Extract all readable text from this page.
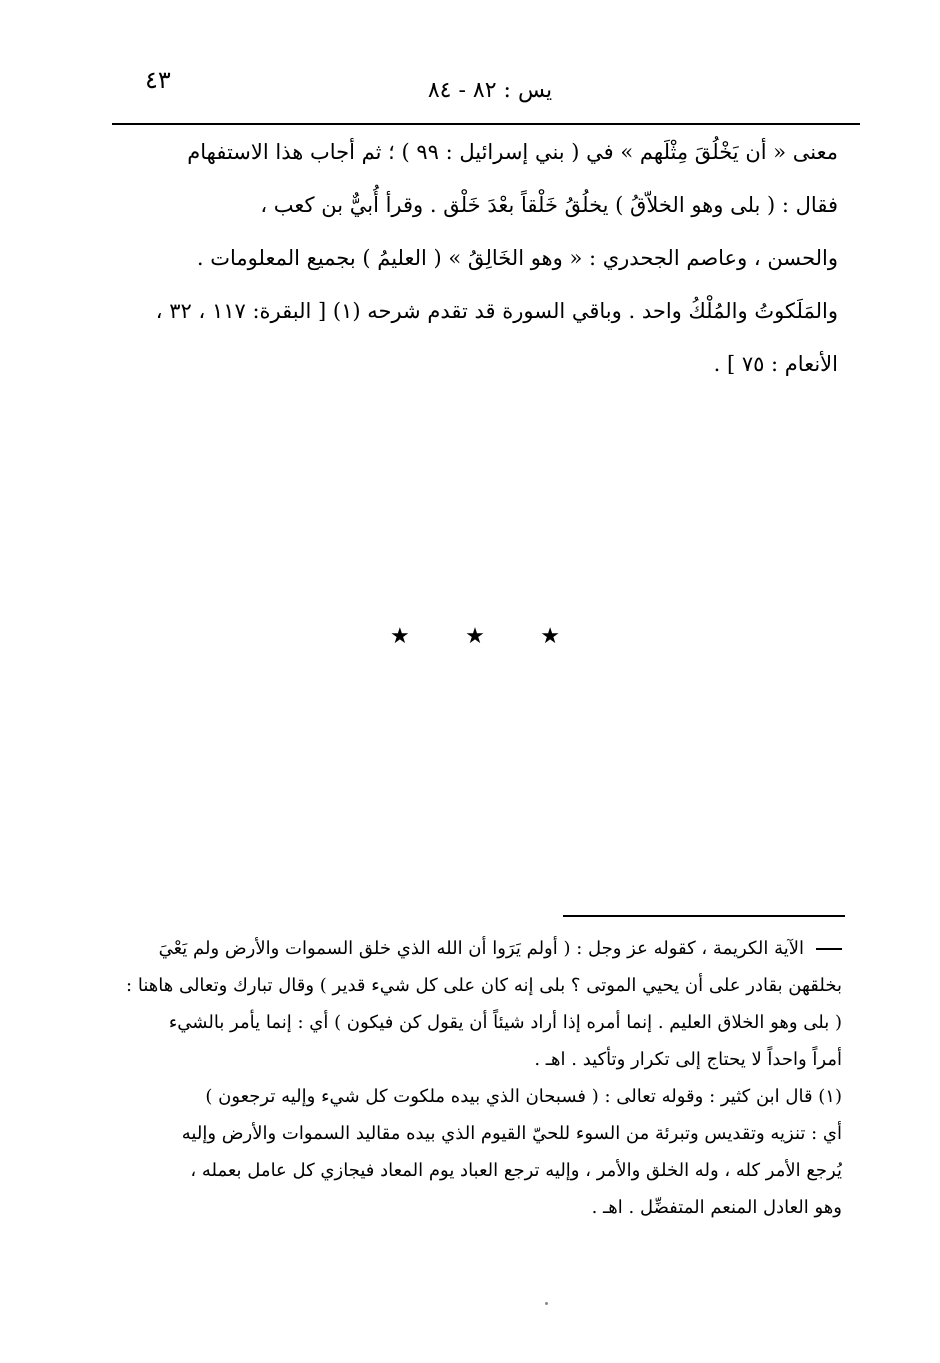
٤٣	يس : ٨٢ - ٨٤
معنى « أن يَخْلُقَ مِثْلَهم » في ( بني إسرائيل : ٩٩ ) ؛ ثم أجاب هذا الاستفهام
فقال : ( بلى وهو الخلاّقُ ) يخلُقُ خَلْقاً بعْدَ خَلْق . وقرأ أُبيٌّ بن كعب ،
والحسن ، وعاصم الجحدري : « وهو الخَالِقُ » ( العليمُ ) بجميع المعلومات .
والمَلَكوتُ والمُلْكُ واحد . وباقي السورة قد تقدم شرحه (١) [ البقرة: ١١٧ ، ٣٢ ،
الأنعام : ٧٥ ] .
★	★	★
الآية الكريمة ، كقوله عز وجل : ( أولم يَرَوا أن الله الذي خلق السموات والأرض ولم يَعْيَ
بخلقهن بقادر على أن يحيي الموتى ؟ بلى إنه كان على كل شيء قدير ) وقال تبارك وتعالى هاهنا :
( بلى وهو الخلاق العليم . إنما أمره إذا أراد شيئاً أن يقول كن فيكون ) أي : إنما يأمر بالشيء
أمراً واحداً لا يحتاج إلى تكرار وتأكيد . اهـ .
(١) قال ابن كثير : وقوله تعالى : ( فسبحان الذي بيده ملكوت كل شيء وإليه ترجعون )
أي : تنزيه وتقديس وتبرئة من السوء للحيّ القيوم الذي بيده مقاليد السموات والأرض وإليه
يُرجع الأمر كله ، وله الخلق والأمر ، وإليه ترجع العباد يوم المعاد فيجازي كل عامل بعمله ،
وهو العادل المنعم المتفضِّل . اهـ .
